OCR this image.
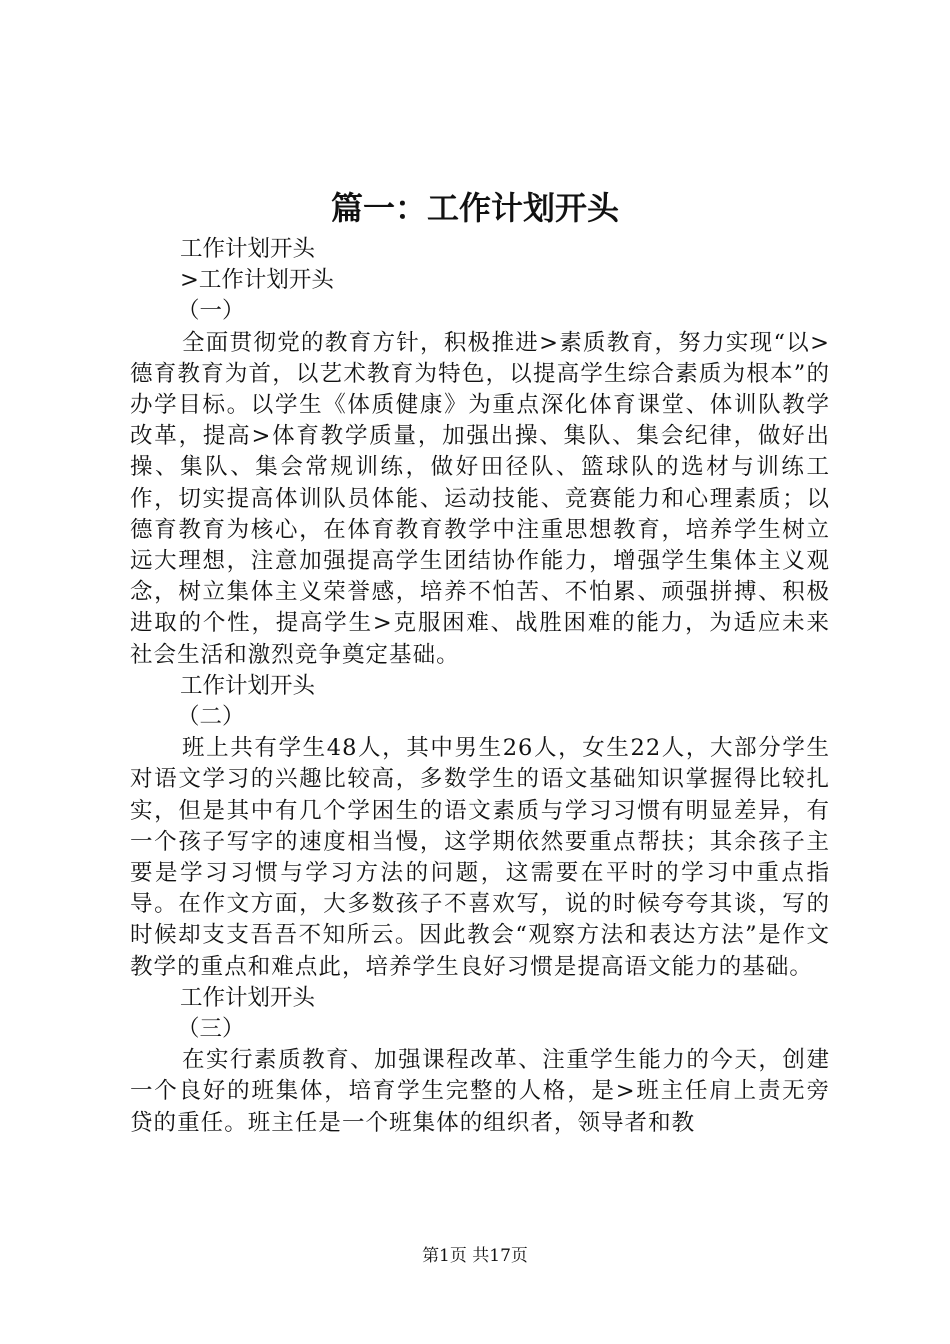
篇一：工作计划开头
工作计划开头
>工作计划开头
（一）

全面贯彻党的教育方针，积极推进>素质教育，努力实现“以>德育教育为首，以艺术教育为特色，以提高学生综合素质为根本”的办学目标。以学生《体质健康》为重点深化体育课堂、体训队教学改革，提高>体育教学质量，加强出操、集队、集会纪律，做好出操、集队、集会常规训练，做好田径队、篮球队的选材与训练工作，切实提高体训队员体能、运动技能、竞赛能力和心理素质；以德育教育为核心，在体育教育教学中注重思想教育，培养学生树立远大理想，注意加强提高学生团结协作能力，增强学生集体主义观念，树立集体主义荣誉感，培养不怕苦、不怕累、顽强拼搏、积极进取的个性，提高学生>克服困难、战胜困难的能力，为适应未来社会生活和激烈竞争奠定基础。

工作计划开头
（二）

班上共有学生48人，其中男生26人，女生22人，大部分学生对语文学习的兴趣比较高，多数学生的语文基础知识掌握得比较扎实，但是其中有几个学困生的语文素质与学习习惯有明显差异，有一个孩子写字的速度相当慢，这学期依然要重点帮扶；其余孩子主要是学习习惯与学习方法的问题，这需要在平时的学习中重点指导。在作文方面，大多数孩子不喜欢写，说的时候夸夸其谈，写的时候却支支吾吾不知所云。因此教会“观察方法和表达方法”是作文教学的重点和难点此，培养学生良好习惯是提高语文能力的基础。

工作计划开头
（三）

在实行素质教育、加强课程改革、注重学生能力的今天，创建一个良好的班集体，培育学生完整的人格，是>班主任肩上责无旁贷的重任。班主任是一个班集体的组织者，领导者和教

第1页 共17页
